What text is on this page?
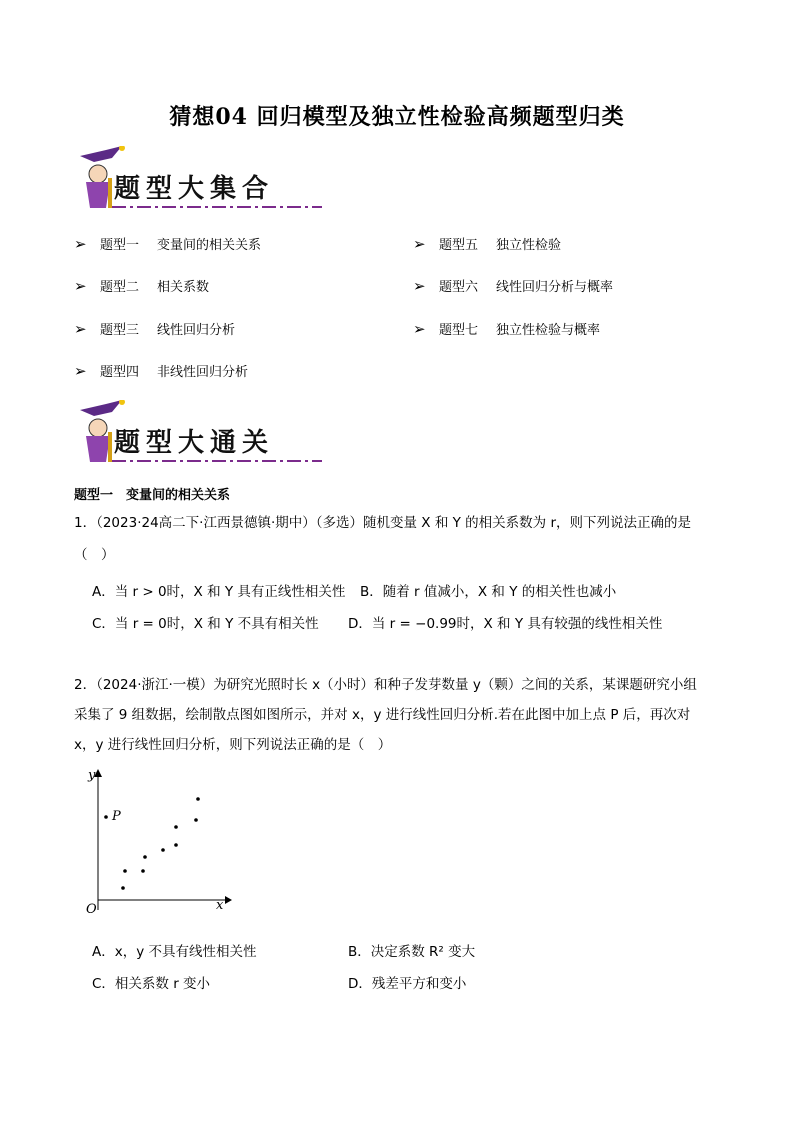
猜想04 回归模型及独立性检验高频题型归类
题型大集合
➢	题型一 变量间的相关关系
➢	题型二 相关系数
➢	题型三 线性回归分析
➢	题型四 非线性回归分析
➢	题型五 独立性检验
➢	题型六 线性回归分析与概率
➢	题型七 独立性检验与概率
题型大通关
题型一　变量间的相关关系
1．（2023·24高二下·江西景德镇·期中）（多选）随机变量 X 和 Y 的相关系数为 r，则下列说法正确的是
（　）
A．当 r > 0时，X 和 Y 具有正线性相关性 B．随着 r 值减小，X 和 Y 的相关性也减小
C．当 r = 0时，X 和 Y 不具有相关性 D．当 r = −0.99时，X 和 Y 具有较强的线性相关性
2．（2024·浙江·一模）为研究光照时长 x（小时）和种子发芽数量 y（颗）之间的关系，某课题研究小组
采集了 9 组数据，绘制散点图如图所示，并对 x，y 进行线性回归分析.若在此图中加上点 P 后，再次对
x，y 进行线性回归分析，则下列说法正确的是（　）
y
x
O
P
A．x，y 不具有线性相关性	B．决定系数 R² 变大
C．相关系数 r 变小	D．残差平方和变小
